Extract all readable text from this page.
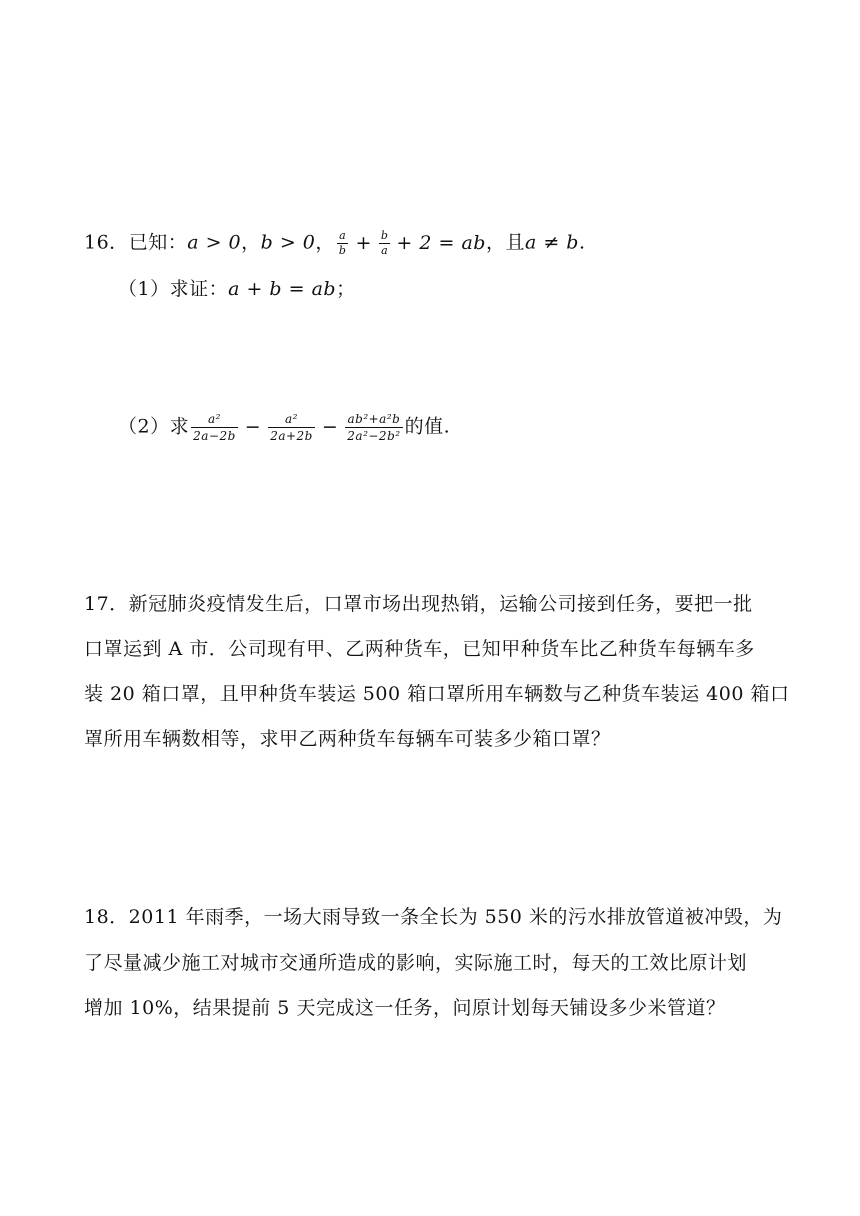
16．已知：a > 0，b > 0， $\frac{a}{b} + \frac{b}{a} + 2$ = ab，且a ≠ b.
（1）求证：a + b = ab；
（2）求 $\frac{\text{a²}}{2a-2b} - \frac{\text{a²}}{2a+2b} - \frac{\text{ab²+a²b}}{\text{2a²−2b²}}$ 的值.
17．新冠肺炎疫情发生后，口罩市场出现热销，运输公司接到任务，要把一批
口罩运到 A 市．公司现有甲、乙两种货车，已知甲种货车比乙种货车每辆车多
装 20 箱口罩，且甲种货车装运 500 箱口罩所用车辆数与乙种货车装运 400 箱口
罩所用车辆数相等，求甲乙两种货车每辆车可装多少箱口罩？
18．2011 年雨季，一场大雨导致一条全长为 550 米的污水排放管道被冲毁，为
了尽量减少施工对城市交通所造成的影响，实际施工时，每天的工效比原计划
增加 10%，结果提前 5 天完成这一任务，问原计划每天铺设多少米管道？
